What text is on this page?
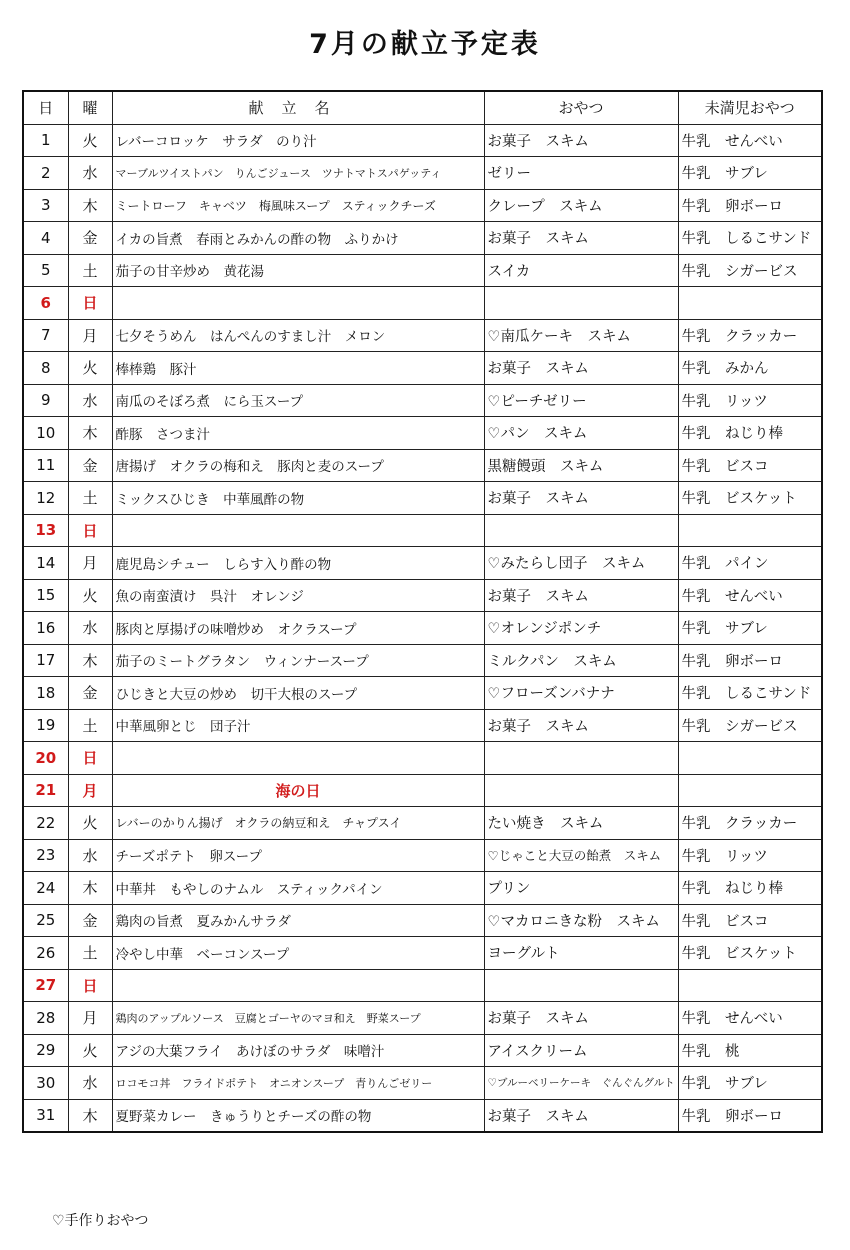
7月の献立予定表
日	曜	献立名	おやつ	未満児おやつ
1	火	レバーコロッケ　サラダ　のり汁	お菓子　スキム	牛乳　せんべい
2	水	マーブルツイストパン　りんごジュース　ツナトマトスパゲッティ	ゼリー	牛乳　サブレ
3	木	ミートローフ　キャベツ　梅風味スープ　スティックチーズ	クレープ　スキム	牛乳　卵ボーロ
4	金	イカの旨煮　春雨とみかんの酢の物　ふりかけ	お菓子　スキム	牛乳　しるこサンド
5	土	茄子の甘辛炒め　黄花湯	スイカ	牛乳　シガービス
6	日			
7	月	七夕そうめん　はんぺんのすまし汁　メロン	♡南瓜ケーキ　スキム	牛乳　クラッカー
8	火	棒棒鶏　豚汁	お菓子　スキム	牛乳　みかん
9	水	南瓜のそぼろ煮　にら玉スープ	♡ピーチゼリー	牛乳　リッツ
10	木	酢豚　さつま汁	♡パン　スキム	牛乳　ねじり棒
11	金	唐揚げ　オクラの梅和え　豚肉と麦のスープ	黒糖饅頭　スキム	牛乳　ビスコ
12	土	ミックスひじき　中華風酢の物	お菓子　スキム	牛乳　ビスケット
13	日			
14	月	鹿児島シチュー　しらす入り酢の物	♡みたらし団子　スキム	牛乳　パイン
15	火	魚の南蛮漬け　呉汁　オレンジ	お菓子　スキム	牛乳　せんべい
16	水	豚肉と厚揚げの味噌炒め　オクラスープ	♡オレンジポンチ	牛乳　サブレ
17	木	茄子のミートグラタン　ウィンナースープ	ミルクパン　スキム	牛乳　卵ボーロ
18	金	ひじきと大豆の炒め　切干大根のスープ	♡フローズンバナナ	牛乳　しるこサンド
19	土	中華風卵とじ　団子汁	お菓子　スキム	牛乳　シガービス
20	日			
21	月	海の日		
22	火	レバーのかりん揚げ　オクラの納豆和え　チャプスイ	たい焼き　スキム	牛乳　クラッカー
23	水	チーズポテト　卵スープ	♡じゃこと大豆の飴煮　スキム	牛乳　リッツ
24	木	中華丼　もやしのナムル　スティックパイン	プリン	牛乳　ねじり棒
25	金	鶏肉の旨煮　夏みかんサラダ	♡マカロニきな粉　スキム	牛乳　ビスコ
26	土	冷やし中華　ベーコンスープ	ヨーグルト	牛乳　ビスケット
27	日			
28	月	鶏肉のアップルソース　豆腐とゴーヤのマヨ和え　野菜スープ	お菓子　スキム	牛乳　せんべい
29	火	アジの大葉フライ　あけぼのサラダ　味噌汁	アイスクリーム	牛乳　桃
30	水	ロコモコ丼　フライドポテト　オニオンスープ　青りんごゼリー	♡ブルーベリーケーキ　ぐんぐんグルト	牛乳　サブレ
31	木	夏野菜カレー　きゅうりとチーズの酢の物	お菓子　スキム	牛乳　卵ボーロ

♡手作りおやつ
